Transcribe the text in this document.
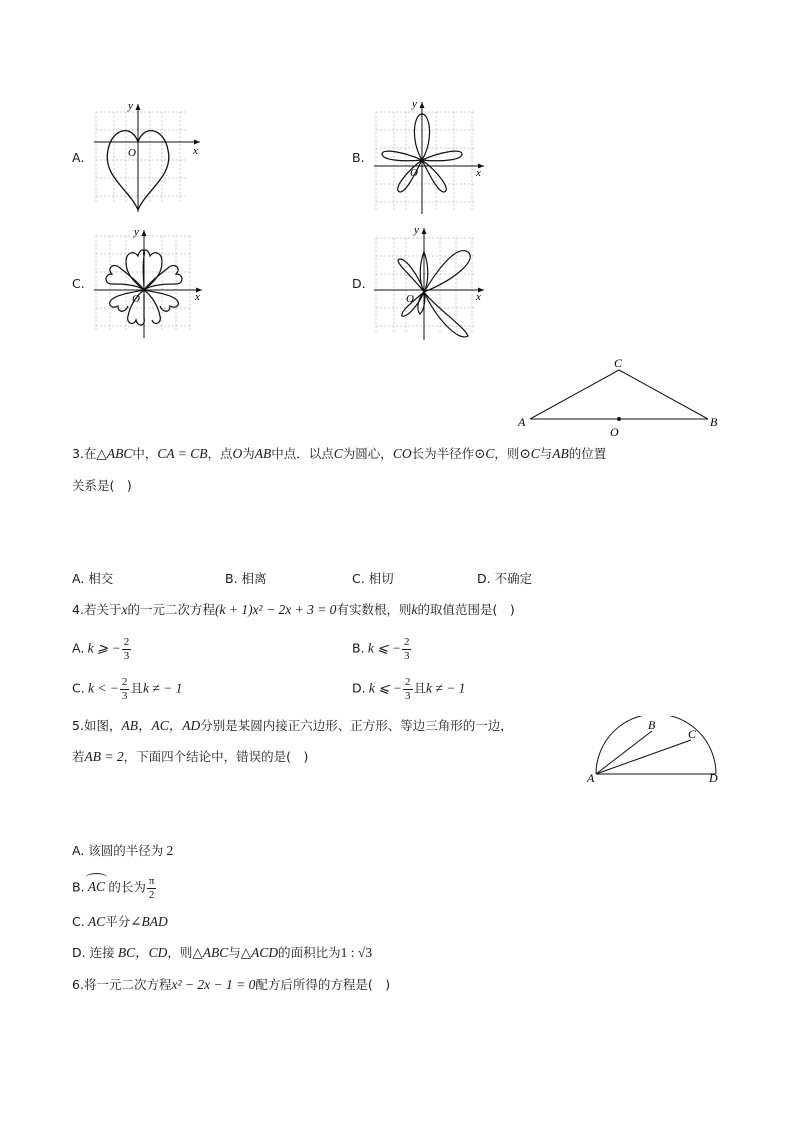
A.	x
y
O	B.
x
y
O
C.
x
y
O
D.
x
y
O
C
A	B
O
3.在△ABC中，CA = CB，点O为AB中点．以点C为圆心，CO长为半径作⊙C，则⊙C与AB的位置
关系是(　)
A. 相交	B. 相离	C. 相切	D. 不确定
4.若关于x的一元二次方程(k + 1)x² − 2x + 3 = 0有实数根，则k的取值范围是(　)
A. k ⩾ − $\frac{2}{3}$	B. k ⩽ − $\frac{2}{3}$
C. k < − $\frac{2}{3}$ 且k ≠ − 1	D. k ⩽ − $\frac{2}{3}$ 且k ≠ − 1
B
C
A	D
5.如图，AB，AC，AD分别是某圆内接正六边形、正方形、等边三角形的一边，
若AB = 2，下面四个结论中，错误的是(　)
A. 该圆的半径为 2
B. AC 的长为 $\frac{\pi}{2}$
C. AC平分∠BAD
D. 连接 BC，CD，则△ABC与△ACD的面积比为1 : √3
6.将一元二次方程x² − 2x − 1 = 0配方后所得的方程是(　)
